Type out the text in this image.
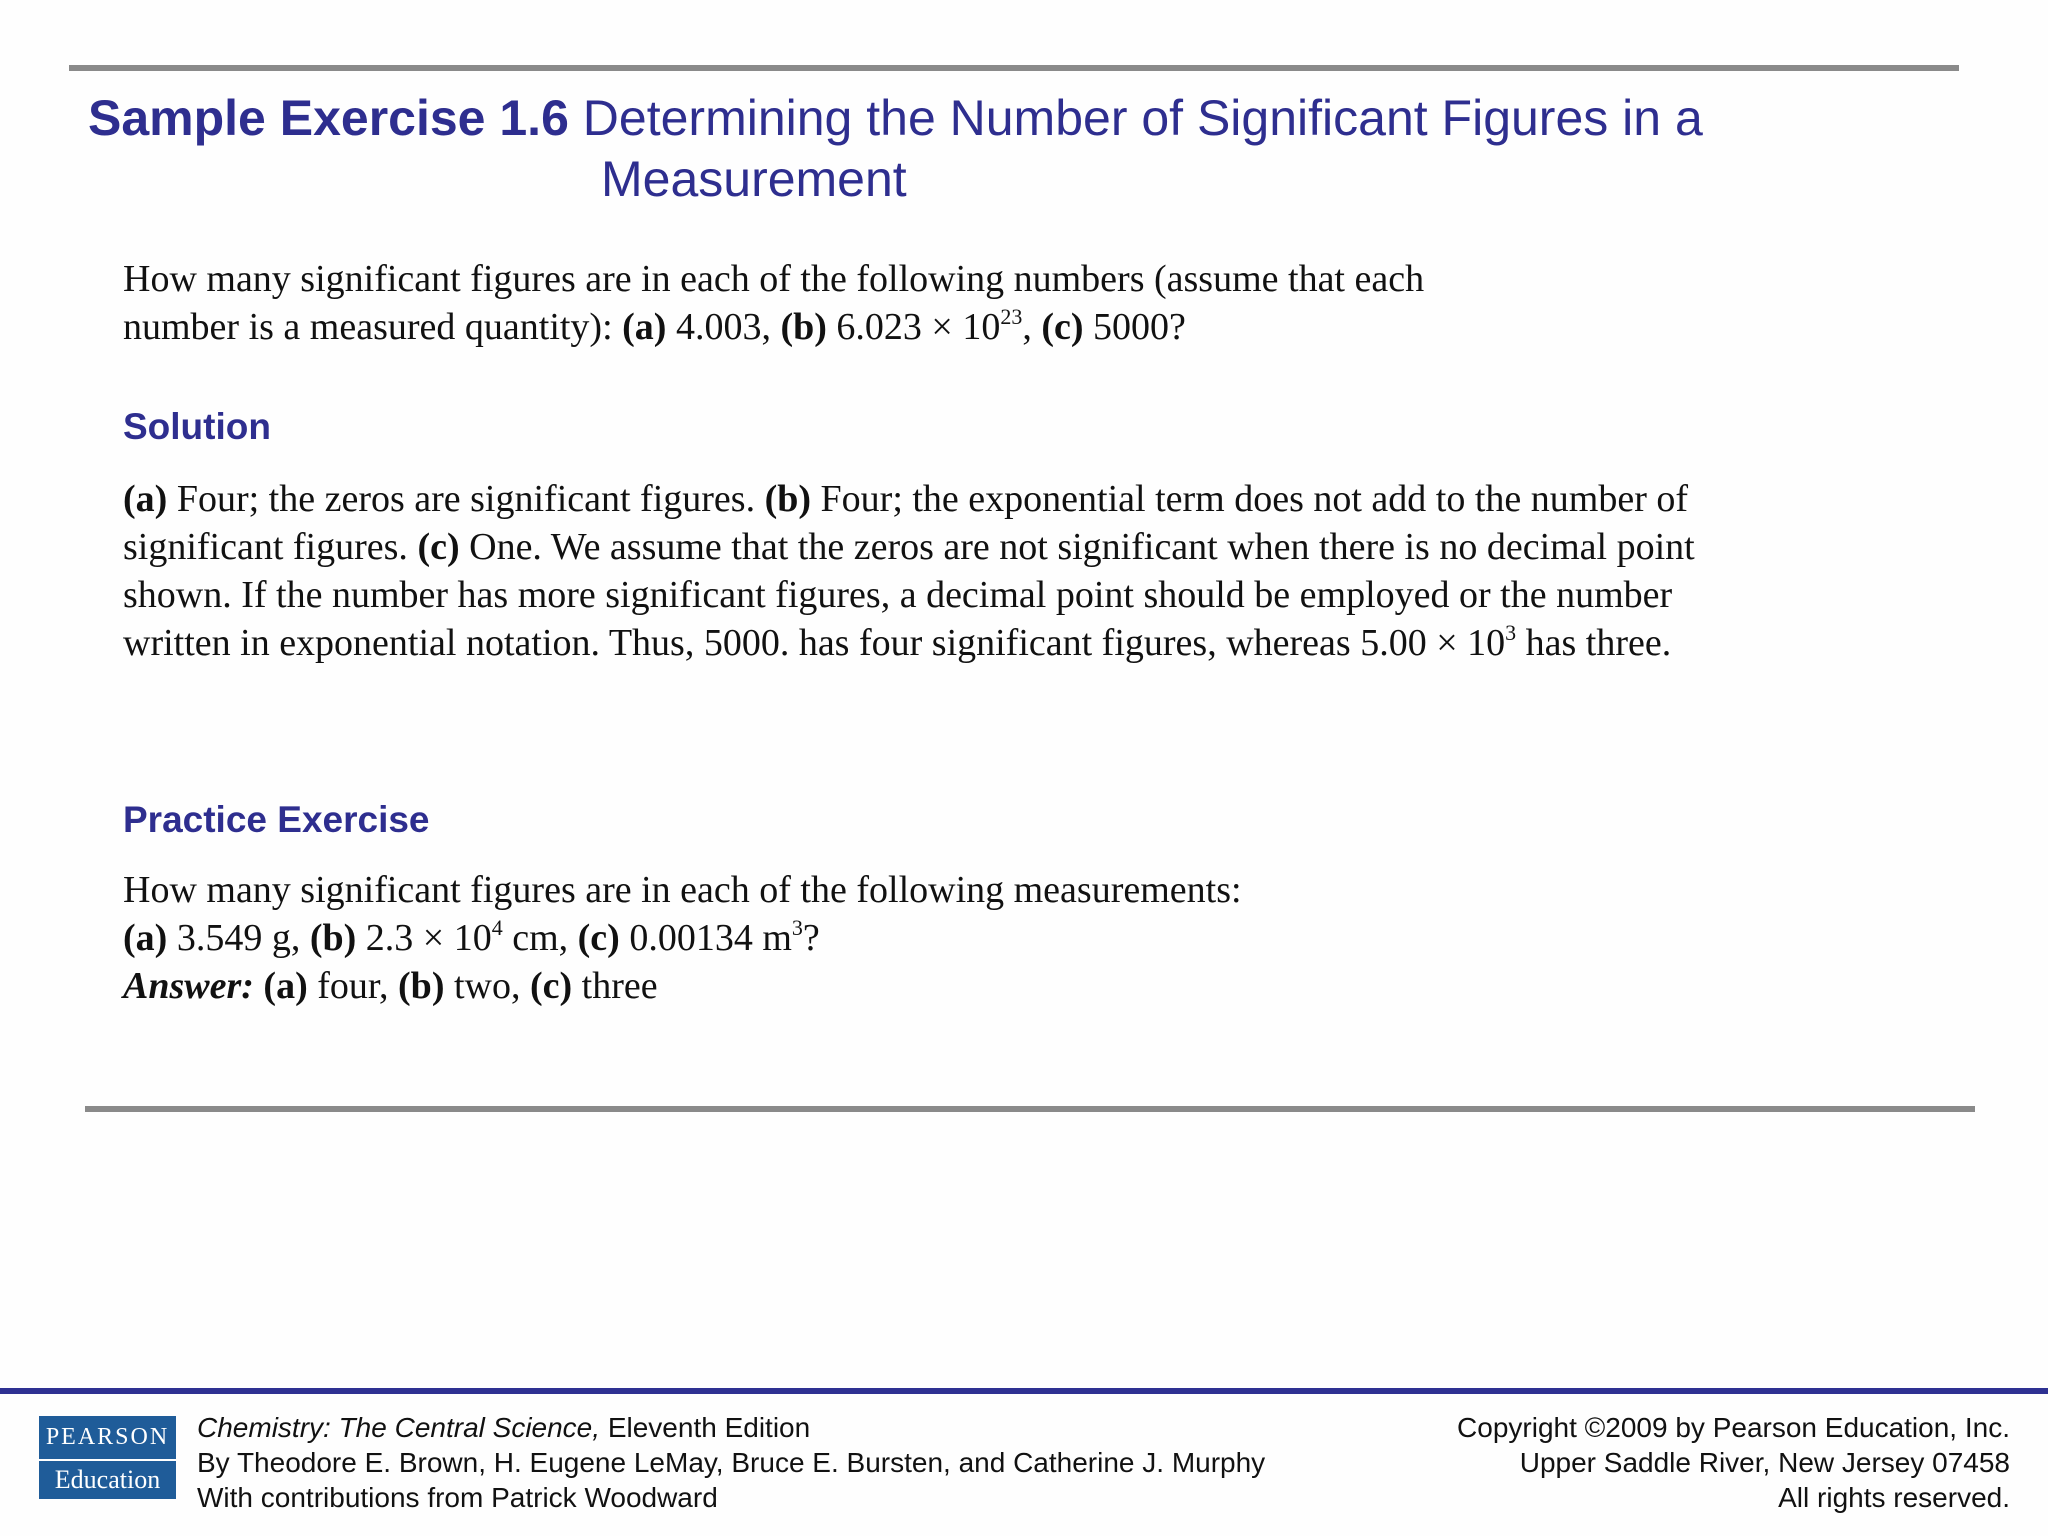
Sample Exercise 1.6 Determining the Number of Significant Figures in a
Measurement
How many significant figures are in each of the following numbers (assume that each
number is a measured quantity): (a) 4.003, (b) $6.023 \times 10^{23}$, (c) 5000?
Solution
(a) Four; the zeros are significant figures. (b) Four; the exponential term does not add to the number of
significant figures. (c) One. We assume that the zeros are not significant when there is no decimal point
shown. If the number has more significant figures, a decimal point should be employed or the number
written in exponential notation. Thus, 5000. has four significant figures, whereas $5.00 \times 10^3$ has three.
Practice Exercise
How many significant figures are in each of the following measurements:
(a) 3.549 g, (b) $2.3 \times 10^4$ cm, (c) 0.00134 $m^3$?
Answer: (a) four, (b) two, (c) three
PEARSON
Education
Chemistry: The Central Science, Eleventh Edition
By Theodore E. Brown, H. Eugene LeMay, Bruce E. Bursten, and Catherine J. Murphy
With contributions from Patrick Woodward
Copyright ©2009 by Pearson Education, Inc.
Upper Saddle River, New Jersey 07458
All rights reserved.
